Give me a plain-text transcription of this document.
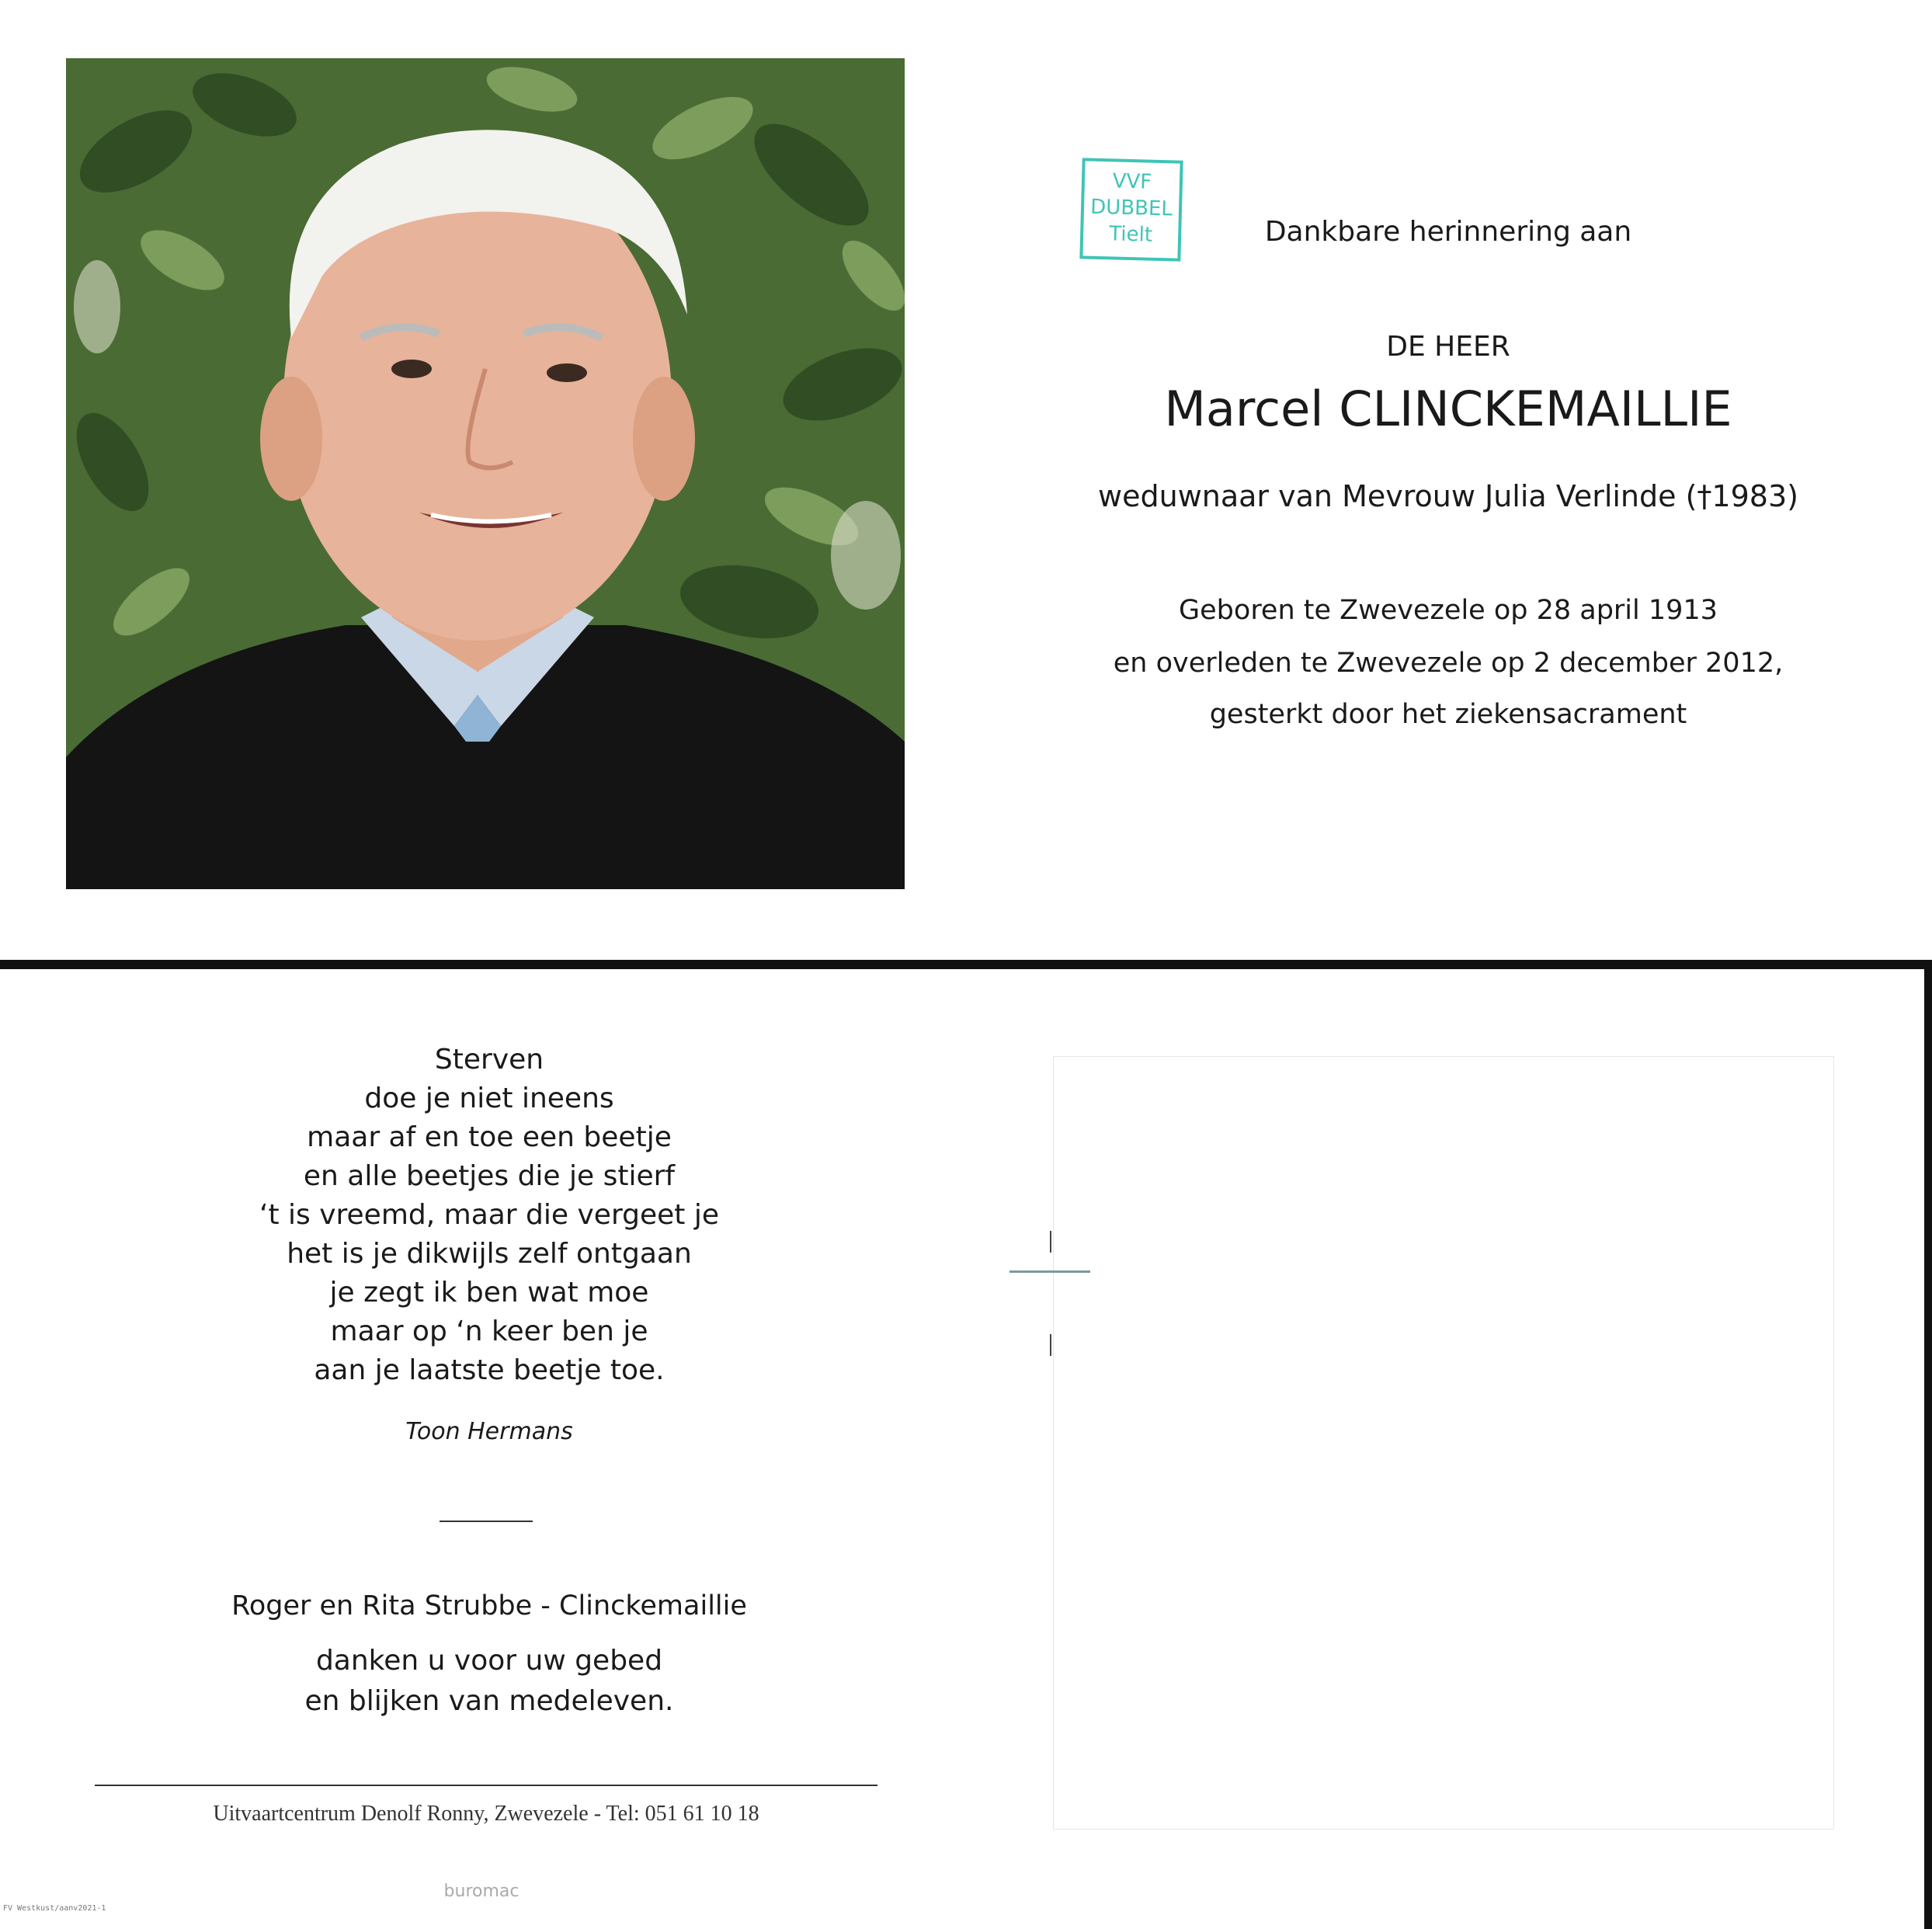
VVF
DUBBEL
Tielt	Dankbare herinnering aan
DE HEER
Marcel CLINCKEMAILLIE
weduwnaar van Mevrouw Julia Verlinde (†1983)
Geboren te Zwevezele op 28 april 1913
en overleden te Zwevezele op 2 december 2012,
gesterkt door het ziekensacrament
Sterven
doe je niet ineens
maar af en toe een beetje
en alle beetjes die je stierf
‘t is vreemd, maar die vergeet je
het is je dikwijls zelf ontgaan
je zegt ik ben wat moe
maar op ‘n keer ben je
aan je laatste beetje toe.
Toon Hermans
Roger en Rita Strubbe - Clinckemaillie
danken u voor uw gebed
en blijken van medeleven.
Uitvaartcentrum Denolf Ronny, Zwevezele - Tel: 051 61 10 18
buromac
FV Westkust/aanv2021-1
